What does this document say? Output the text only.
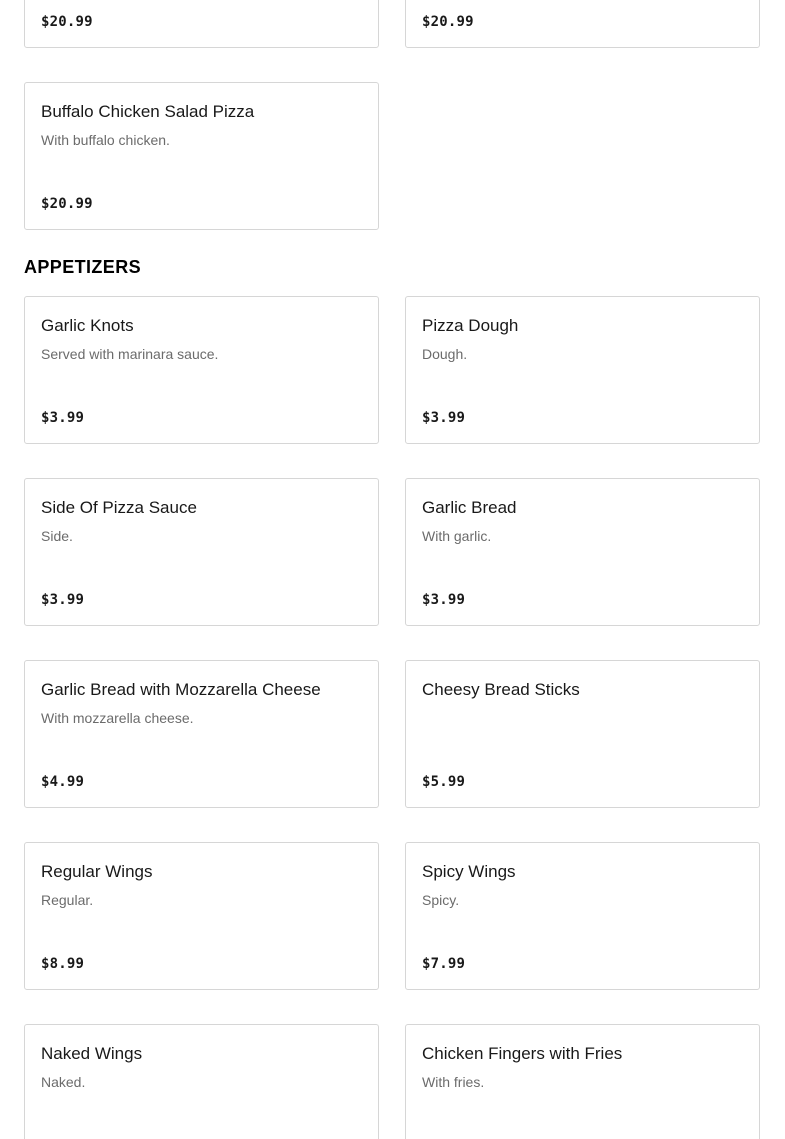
$20.99	$20.99
Buffalo Chicken Salad Pizza
With buffalo chicken.
$20.99
APPETIZERS
Garlic Knots
Served with marinara sauce.
$3.99
Pizza Dough
Dough.
$3.99
Side Of Pizza Sauce
Side.
$3.99
Garlic Bread
With garlic.
$3.99
Garlic Bread with Mozzarella Cheese
With mozzarella cheese.
$4.99
Cheesy Bread Sticks
$5.99
Regular Wings
Regular.
$8.99
Spicy Wings
Spicy.
$7.99
Naked Wings
Naked.
Chicken Fingers with Fries
With fries.
